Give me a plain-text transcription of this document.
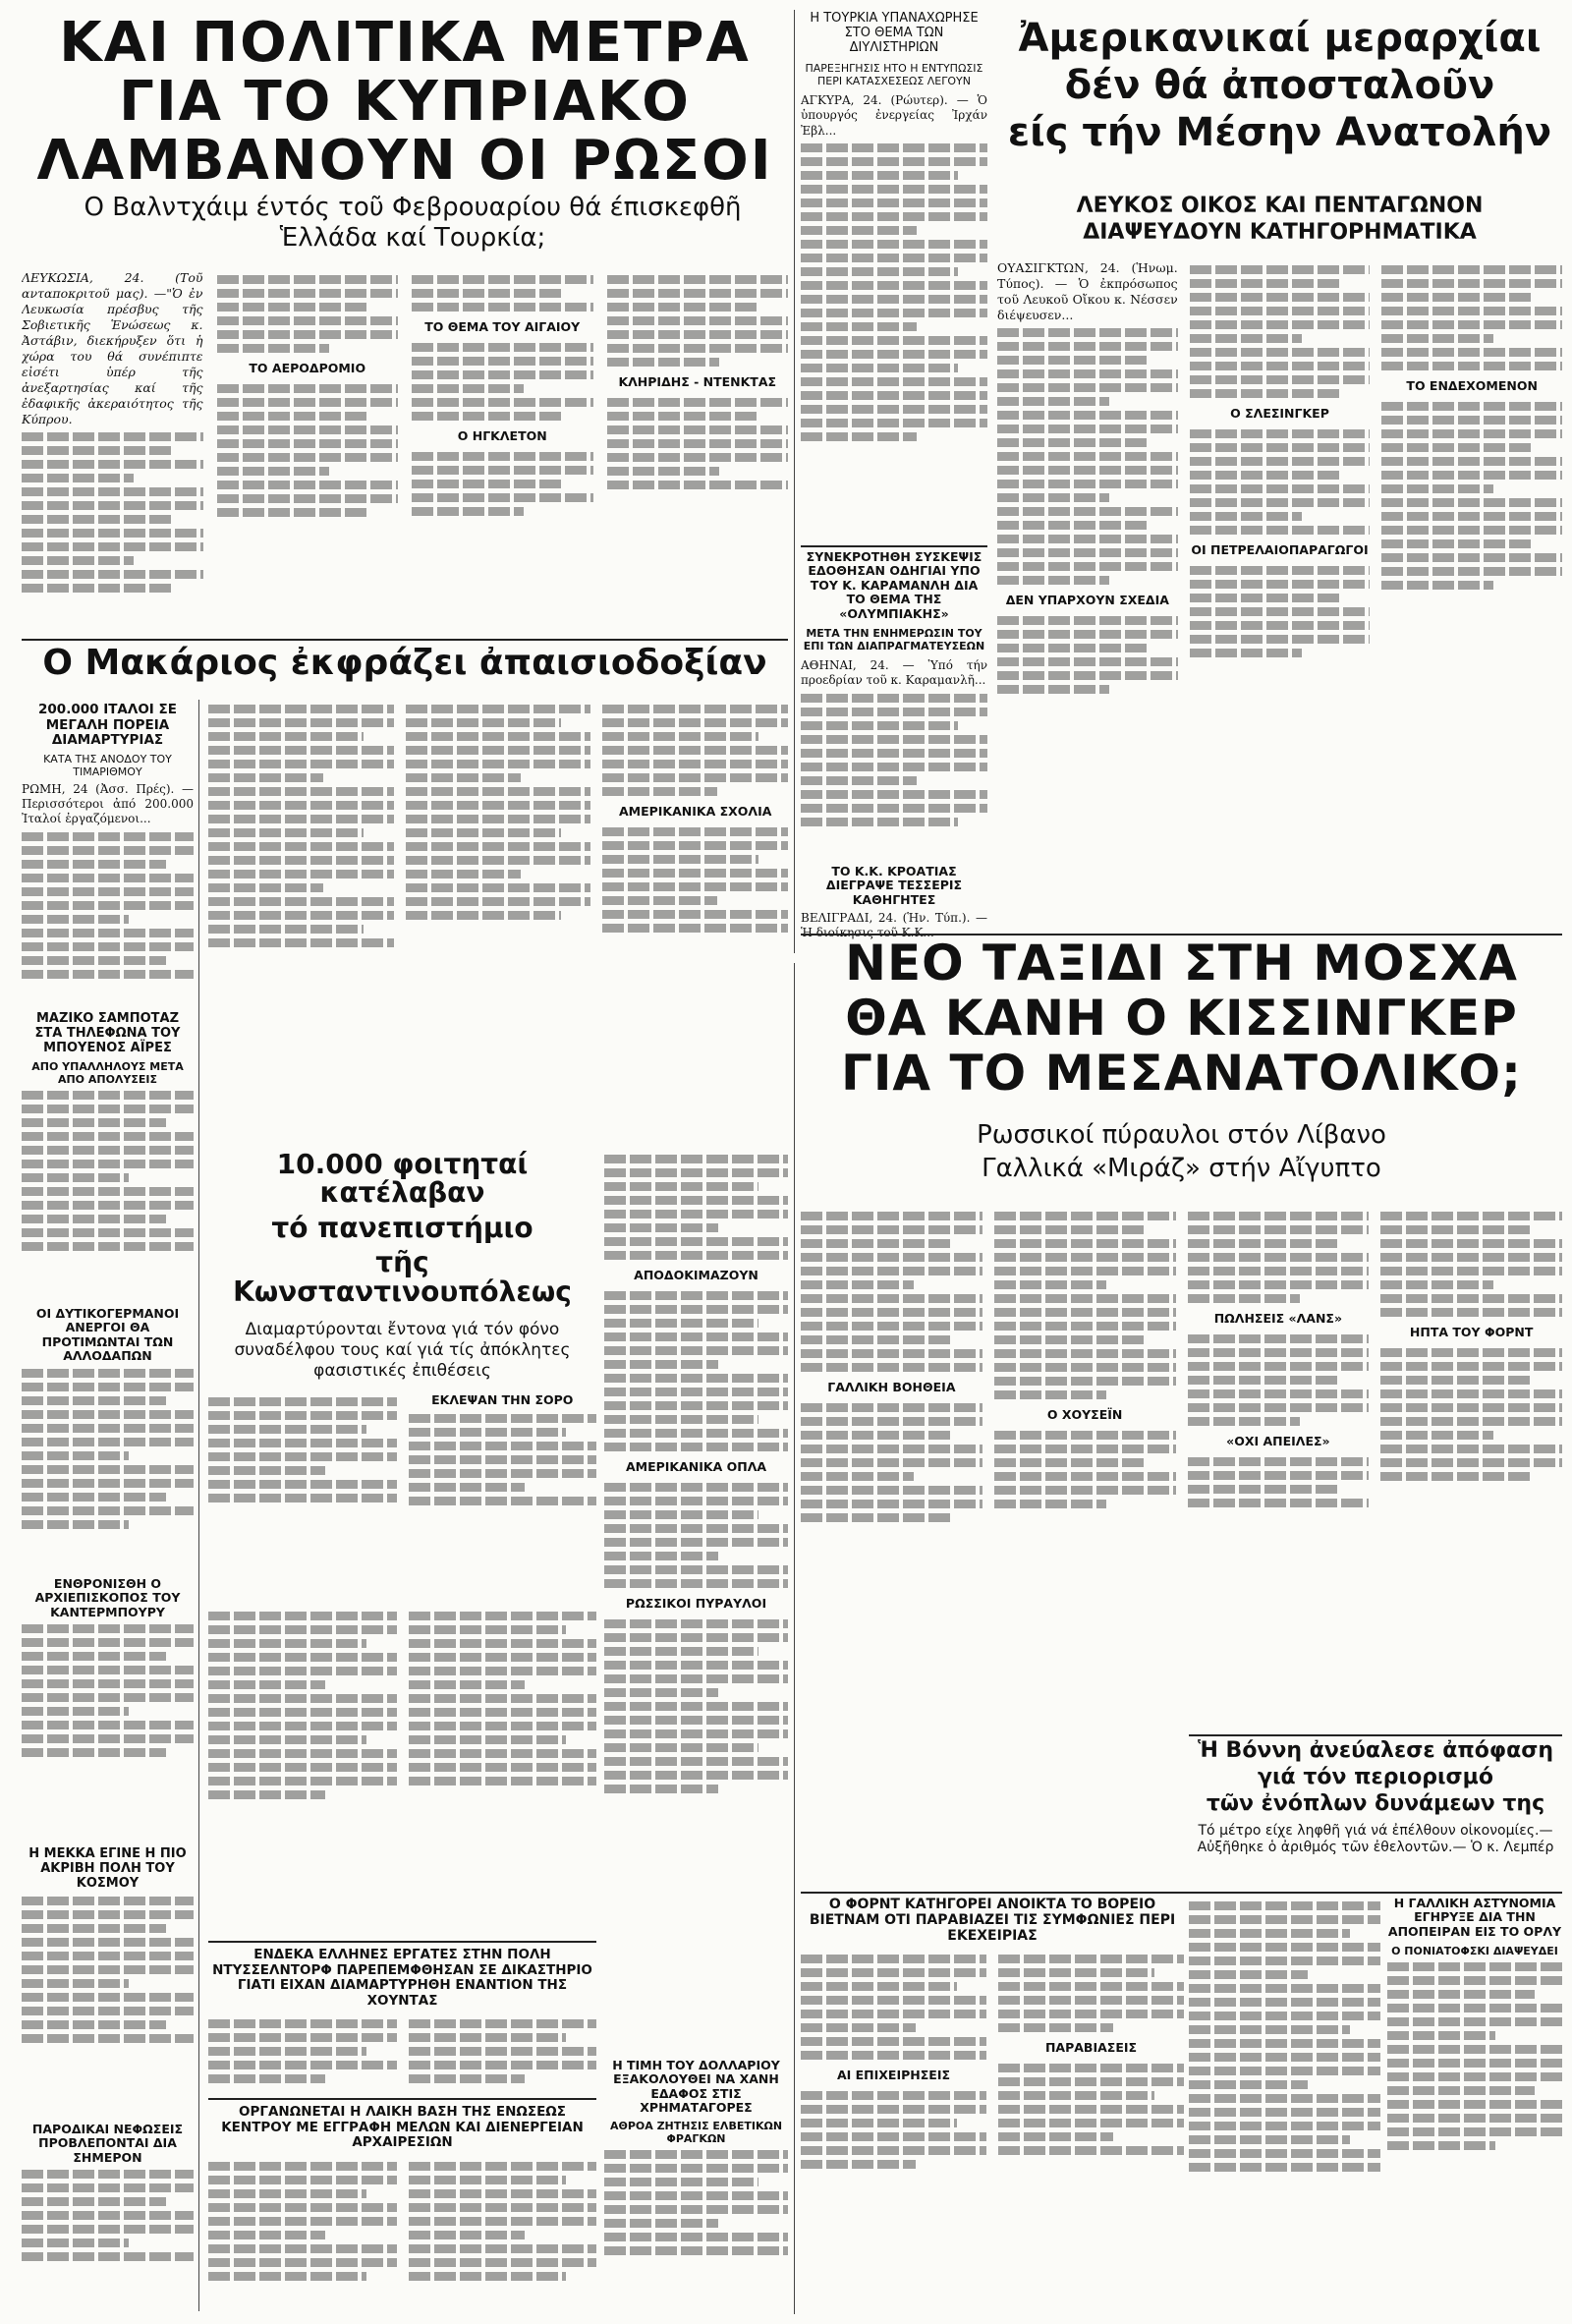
ΚΑΙ ΠΟΛΙΤΙΚΑ ΜΕΤΡΑ
ΓΙΑ ΤΟ ΚΥΠΡΙΑΚΟ
ΛΑΜΒΑΝΟΥΝ ΟΙ ΡΩΣΟΙ
Ο Βαλντχάιμ έντός τοῦ Φεβρουαρίου θά έπισκεφθῆ Ἑλλάδα καί Τουρκία;
ΛΕΥΚΩΣΙΑ, 24. (Τοῦ ανταποκριτοῦ μας). —"Ὁ ἐν Λευκωσία πρέσβυς τῆς Σοβιετικῆς Ἑνώσεως κ. Ἀστάβιν, διεκήρυξεν ὅτι ἡ χώρα του θά συνέπιπτε εἰσέτι ὑπέρ τῆς ἀνεξαρτησίας καί τῆς ἐδαφικῆς ἀκεραιότητος τῆς Κύπρου.
ΤΟ ΑΕΡΟΔΡΟΜΙΟ
ΤΟ ΘΕΜΑ ΤΟΥ ΑΙΓΑΙΟΥ
Ο ΗΓΚΛΕΤΟΝ
ΚΛΗΡΙΔΗΣ - ΝΤΕΝΚΤΑΣ
Η ΤΟΥΡΚΙΑ ΥΠΑΝΑΧΩΡΗΣΕ ΣΤΟ ΘΕΜΑ ΤΩΝ ΔΙΥΛΙΣΤΗΡΙΩΝ
ΠΑΡΕΞΗΓΗΣΙΣ ΗΤΟ Η ΕΝΤΥΠΩΣΙΣ ΠΕΡΙ ΚΑΤΑΣΧΕΣΕΩΣ ΛΕΓΟΥΝ
ΑΓΚΥΡΑ, 24. (Ρώυτερ). — Ὁ ὑπουργός ἐνεργείας Ἰρχάν Ἐβλ...
ΣΥΝΕΚΡΟΤΗΘΗ ΣΥΣΚΕΨΙΣ ΕΔΟΘΗΣΑΝ ΟΔΗΓΙΑΙ ΥΠΟ ΤΟΥ Κ. ΚΑΡΑΜΑΝΛΗ ΔΙΑ ΤΟ ΘΕΜΑ ΤΗΣ «ΟΛΥΜΠΙΑΚΗΣ»
ΜΕΤΑ ΤΗΝ ΕΝΗΜΕΡΩΣΙΝ ΤΟΥ ΕΠΙ ΤΩΝ ΔΙΑΠΡΑΓΜΑΤΕΥΣΕΩΝ
ΑΘΗΝΑΙ, 24. — Ὑπό τήν προεδρίαν τοῦ κ. Καραμανλῆ...
ΤΟ Κ.Κ. ΚΡΟΑΤΙΑΣ ΔΙΕΓΡΑΨΕ ΤΕΣΣΕΡΙΣ ΚΑΘΗΓΗΤΕΣ
ΒΕΛΙΓΡΑΔΙ, 24. (Ἡν. Τύπ.). —
Ἀμερικανικαί μεραρχίαι
δέν θά ἀποσταλοῦν
είς τήν Μέσην Ανατολήν
ΛΕΥΚΟΣ ΟΙΚΟΣ ΚΑΙ ΠΕΝΤΑΓΩΝΟΝ
ΔΙΑΨΕΥΔΟΥΝ ΚΑΤΗΓΟΡΗΜΑΤΙΚΑ
ΟΥΑΣΙΓΚΤΩΝ, 24. (Ἡνωμ. Τύπος). — Ὁ ἐκπρόσωπος τοῦ Λευκοῦ Οἴκου κ. Νέσσεν διέψευσεν...
ΔΕΝ ΥΠΑΡΧΟΥΝ ΣΧΕΔΙΑ
Ο ΣΛΕΣΙΝΓΚΕΡ
ΟΙ ΠΕΤΡΕΛΑΙΟΠΑΡΑΓΩΓΟΙ
ΤΟ ΕΝΔΕΧΟΜΕΝΟΝ
Ο Μακάριος ἐκφράζει ἀπαισιοδοξίαν
200.000 ΙΤΑΛΟΙ ΣΕ ΜΕΓΑΛΗ ΠΟΡΕΙΑ ΔΙΑΜΑΡΤΥΡΙΑΣ
ΚΑΤΑ ΤΗΣ ΑΝΟΔΟΥ ΤΟΥ ΤΙΜΑΡΙΘΜΟΥ
ΡΩΜΗ, 24 (Ἀσσ. Πρές). — Περισσότεροι ἀπό 200.000 Ἰταλοί ἐργαζόμενοι...
ΜΑΖΙΚΟ ΣΑΜΠΟΤΑΖ ΣΤΑ ΤΗΛΕΦΩΝΑ ΤΟΥ ΜΠΟΥΕΝΟΣ ΑΪΡΕΣ
ΑΠΟ ΥΠΑΛΛΗΛΟΥΣ ΜΕΤΑ ΑΠΟ ΑΠΟΛΥΣΕΙΣ
ΟΙ ΔΥΤΙΚΟΓΕΡΜΑΝΟΙ ΑΝΕΡΓΟΙ ΘΑ ΠΡΟΤΙΜΩΝΤΑΙ ΤΩΝ ΑΛΛΟΔΑΠΩΝ
ΕΝΘΡΟΝΙΣΘΗ Ο ΑΡΧΙΕΠΙΣΚΟΠΟΣ ΤΟΥ ΚΑΝΤΕΡΜΠΟΥΡΥ
Η ΜΕΚΚΑ ΕΓΙΝΕ Η ΠΙΟ ΑΚΡΙΒΗ ΠΟΛΗ ΤΟΥ ΚΟΣΜΟΥ
ΠΑΡΟΔΙΚΑΙ ΝΕΦΩΣΕΙΣ ΠΡΟΒΛΕΠΟΝΤΑΙ ΔΙΑ ΣΗΜΕΡΟΝ
ΑΜΕΡΙΚΑΝΙΚΑ ΣΧΟΛΙΑ
10.000 φοιτηταί κατέλαβαν
τό πανεπιστήμιο
τῆς Κωνσταντινουπόλεως
Διαμαρτύρονται ἔντονα γιά τόν φόνο συναδέλφου τους καί γιά τίς ἀπόκλητες φασιστικές ἐπιθέσεις
ΕΚΛΕΨΑΝ ΤΗΝ ΣΟΡΟ
ΑΠΟΔΟΚΙΜΑΖΟΥΝ
ΑΜΕΡΙΚΑΝΙΚΑ ΟΠΛΑ
ΡΩΣΣΙΚΟΙ ΠΥΡΑΥΛΟΙ
ΕΝΔΕΚΑ ΕΛΛΗΝΕΣ ΕΡΓΑΤΕΣ ΣΤΗΝ ΠΟΛΗ ΝΤΥΣΣΕΛΝΤΟΡΦ ΠΑΡΕΠΕΜΦΘΗΣΑΝ ΣΕ ΔΙΚΑΣΤΗΡΙΟ ΓΙΑΤΙ ΕΙΧΑΝ ΔΙΑΜΑΡΤΥΡΗΘΗ ΕΝΑΝΤΙΟΝ ΤΗΣ ΧΟΥΝΤΑΣ
ΟΡΓΑΝΩΝΕΤΑΙ Η ΛΑΪΚΗ ΒΑΣΗ ΤΗΣ ΕΝΩΣΕΩΣ ΚΕΝΤΡΟΥ ΜΕ ΕΓΓΡΑΦΗ ΜΕΛΩΝ ΚΑΙ ΔΙΕΝΕΡΓΕΙΑΝ ΑΡΧΑΙΡΕΣΙΩΝ
Η ΤΙΜΗ ΤΟΥ ΔΟΛΛΑΡΙΟΥ ΕΞΑΚΟΛΟΥΘΕΙ ΝΑ ΧΑΝΗ ΕΔΑΦΟΣ ΣΤΙΣ ΧΡΗΜΑΤΑΓΟΡΕΣ
ΑΘΡΟΑ ΖΗΤΗΣΙΣ ΕΛΒΕΤΙΚΩΝ ΦΡΑΓΚΩΝ
ΝΕΟ ΤΑΞΙΔΙ ΣΤΗ ΜΟΣΧΑ
ΘΑ ΚΑΝΗ Ο ΚΙΣΣΙΝΓΚΕΡ
ΓΙΑ ΤΟ ΜΕΣΑΝΑΤΟΛΙΚΟ;
Ρωσσικοί πύραυλοι στόν Λίβανο
Γαλλικά «Μιράζ» στήν Αἴγυπτο
ΓΑΛΛΙΚΗ ΒΟΗΘΕΙΑ
Ο ΧΟΥΣΕΪΝ
ΠΩΛΗΣΕΙΣ «ΛΑΝΣ»
«ΟΧΙ ΑΠΕΙΛΕΣ»
ΗΠΤΑ ΤΟΥ ΦΟΡΝΤ
Ἡ Βόννη ἀνεύαλεσε ἀπόφαση
γιά τόν περιορισμό
τῶν ἐνόπλων δυνάμεων της
Τό μέτρο είχε ληφθῆ γιά νά ἐπέλθουν οἰκονομίες.— Αὐξῆθηκε ὁ ἀριθμός τῶν ἐθελοντῶν.— Ὁ κ. Λεμπέρ
Ο ΦΟΡΝΤ ΚΑΤΗΓΟΡΕΙ ΑΝΟΙΚΤΑ ΤΟ ΒΟΡΕΙΟ ΒΙΕΤΝΑΜ ΟΤΙ ΠΑΡΑΒΙΑΖΕΙ ΤΙΣ ΣΥΜΦΩΝΙΕΣ ΠΕΡΙ ΕΚΕΧΕΙΡΙΑΣ
ΑΙ ΕΠΙΧΕΙΡΗΣΕΙΣ
ΠΑΡΑΒΙΑΣΕΙΣ
Η ΓΑΛΛΙΚΗ ΑΣΤΥΝΟΜΙΑ ΕΓΗΡΥΞΕ ΔΙΑ ΤΗΝ ΑΠΟΠΕΙΡΑΝ ΕΙΣ ΤΟ ΟΡΛΥ
Ο ΠΟΝΙΑΤΟΦΣΚΙ ΔΙΑΨΕΥΔΕΙ
